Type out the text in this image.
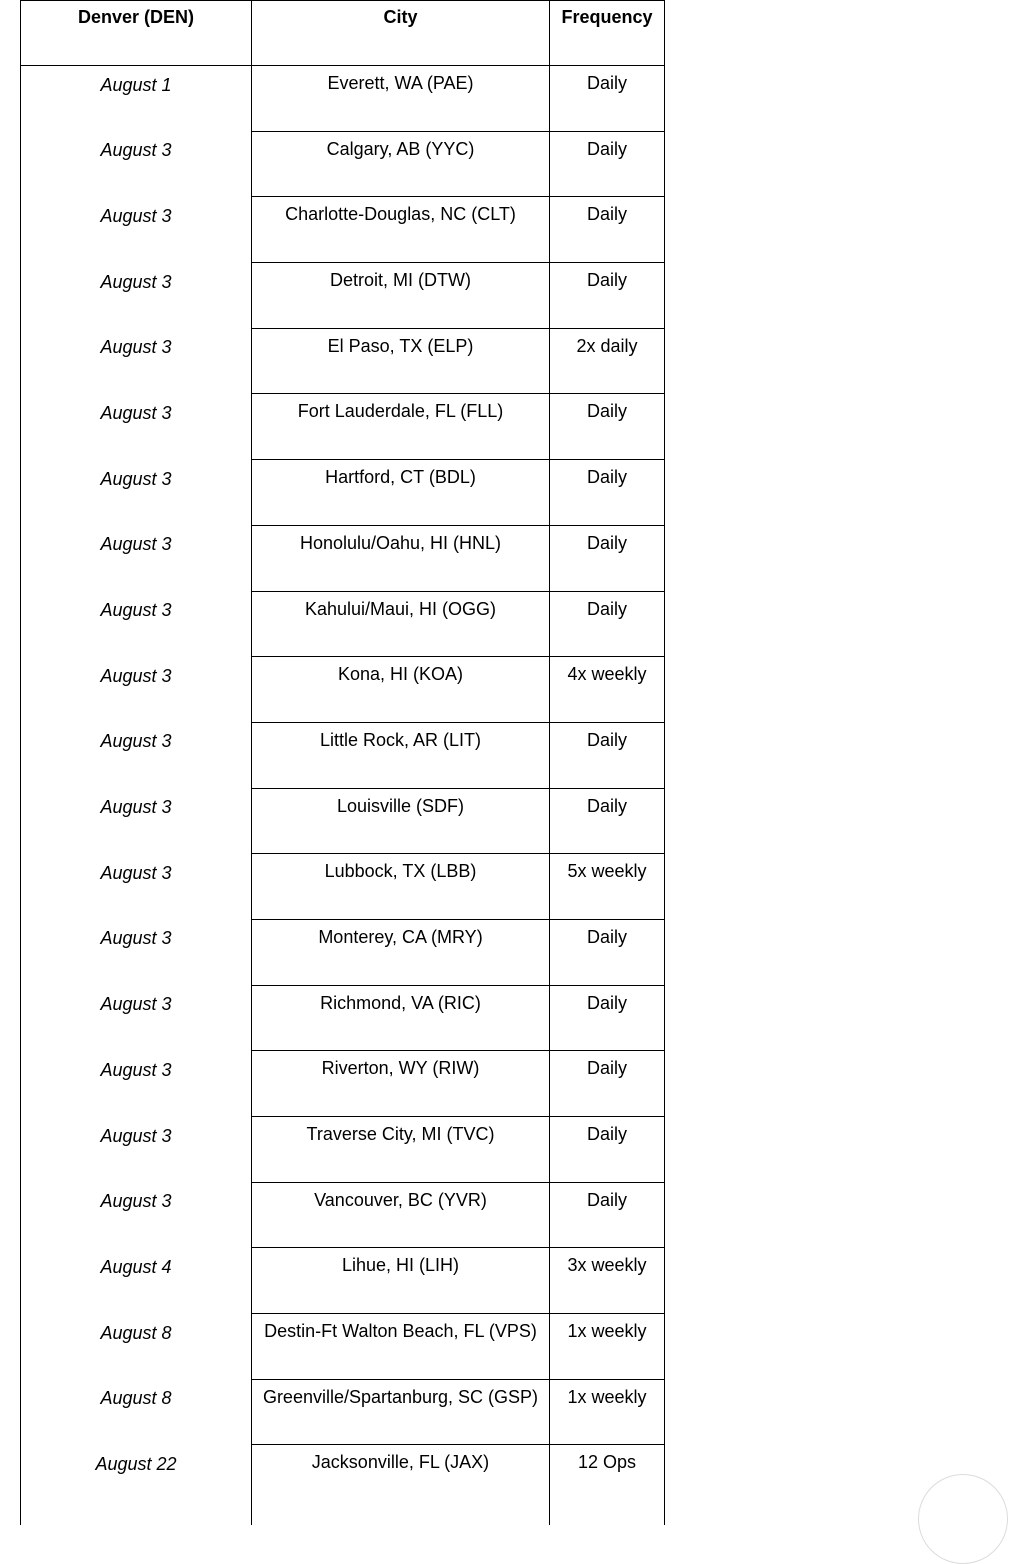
Denver (DEN)	City	Frequency
August 1	Everett, WA (PAE)	Daily
August 3	Calgary, AB (YYC)	Daily
August 3	Charlotte-Douglas, NC (CLT)	Daily
August 3	Detroit, MI (DTW)	Daily
August 3	El Paso, TX (ELP)	2x daily
August 3	Fort Lauderdale, FL (FLL)	Daily
August 3	Hartford, CT (BDL)	Daily
August 3	Honolulu/Oahu, HI (HNL)	Daily
August 3	Kahului/Maui, HI (OGG)	Daily
August 3	Kona, HI (KOA)	4x weekly
August 3	Little Rock, AR (LIT)	Daily
August 3	Louisville (SDF)	Daily
August 3	Lubbock, TX (LBB)	5x weekly
August 3	Monterey, CA (MRY)	Daily
August 3	Richmond, VA (RIC)	Daily
August 3	Riverton, WY (RIW)	Daily
August 3	Traverse City, MI (TVC)	Daily
August 3	Vancouver, BC (YVR)	Daily
August 4	Lihue, HI (LIH)	3x weekly
August 8	Destin-Ft Walton Beach, FL (VPS)	1x weekly
August 8	Greenville/Spartanburg, SC (GSP)	1x weekly
August 22	Jacksonville, FL (JAX)	12 Ops
